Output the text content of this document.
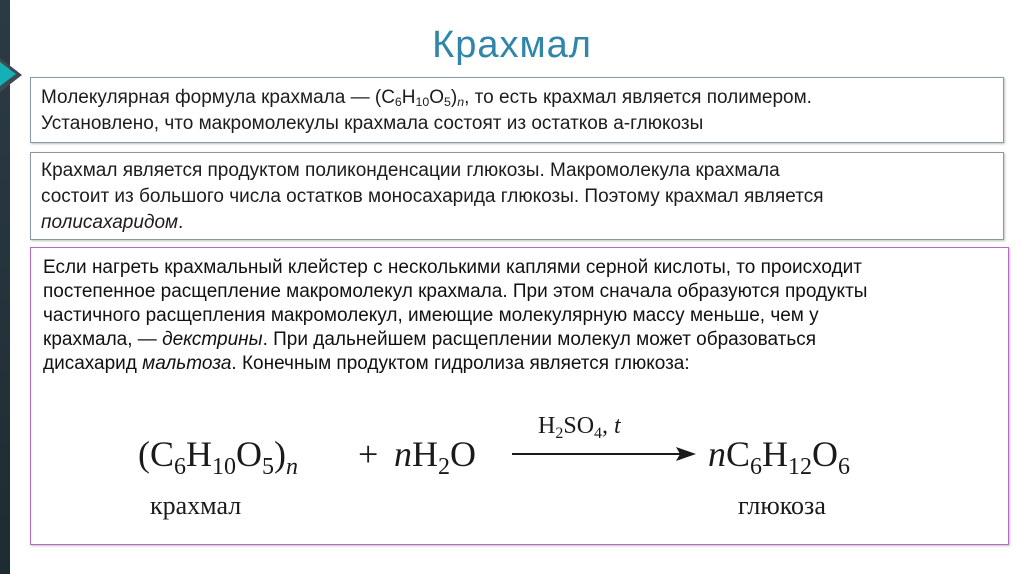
Крахмал
Молекулярная формула крахмала — $(С_6Н_{10}О_5)_n$, то есть крахмал является полимером.
Установлено, что макромолекулы крахмала состоят из остатков а-глюкозы
Крахмал является продуктом поликонденсации глюкозы. Макромолекула крахмала
состоит из большого числа остатков моносахарида глюкозы. Поэтому крахмал является
полисахаридом.
Если нагреть крахмальный клейстер с несколькими каплями серной кислоты, то происходит
постепенное расщепление макромолекул крахмала. При этом сначала образуются продукты
частичного расщепления макромолекул, имеющие молекулярную массу меньше, чем у
крахмала, — декстрины. При дальнейшем расщеплении молекул может образоваться
дисахарид мальтоза. Конечным продуктом гидролиза является глюкоза:
$(C_6H_{10}O_5)_n + nH_2O$
$H_2SO_4$, t
$nC_6H_{12}O_6$
крахмал	глюкоза
